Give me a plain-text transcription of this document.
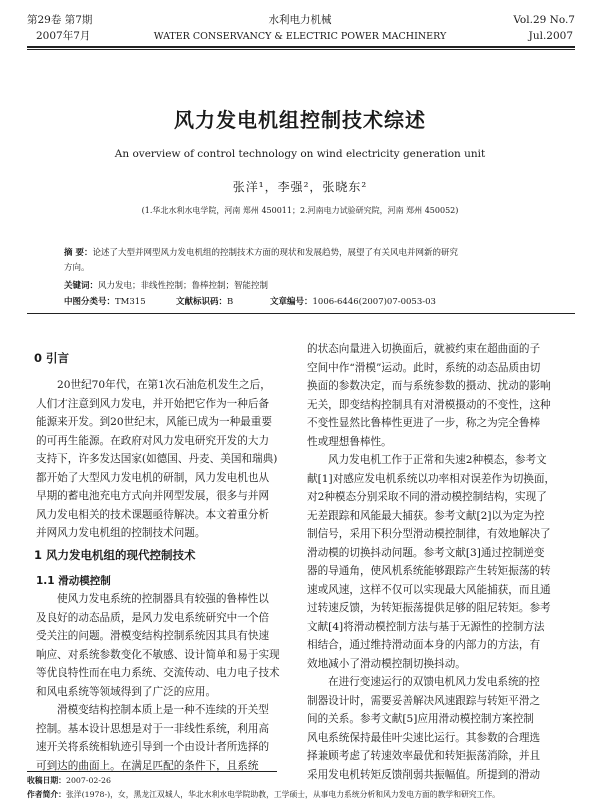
第29卷 第7期
2007年7月
水利电力机械
WATER CONSERVANCY & ELECTRIC POWER MACHINERY
Vol.29 No.7
Jul.2007
风力发电机组控制技术综述
An overview of control technology on wind electricity generation unit
张洋¹，李强²，张晓东²
(1.华北水利水电学院，河南 郑州 450011；2.河南电力试验研究院，河南 郑州 450052)
摘 要：论述了大型并网型风力发电机组的控制技术方面的现状和发展趋势，展望了有关风电并网新的研究
方向。
关键词：风力发电；非线性控制；鲁棒控制；智能控制
中图分类号：TM315	文献标识码：B	文章编号：1006-6446(2007)07-0053-03
0 引言
20世纪70年代，在第1次石油危机发生之后，
人们才注意到风力发电，并开始把它作为一种后备
能源来开发。到20世纪末，风能已成为一种最重要
的可再生能源。在政府对风力发电研究开发的大力
支持下，许多发达国家(如德国、丹麦、美国和瑞典)
都开始了大型风力发电机的研制，风力发电机也从
早期的蓄电池充电方式向并网型发展，很多与并网
风力发电相关的技术课题亟待解决。本文着重分析
并网风力发电机组的控制技术问题。
1 风力发电机组的现代控制技术
1.1 滑动模控制
使风力发电系统的控制器具有较强的鲁棒性以
及良好的动态品质，是风力发电系统研究中一个倍
受关注的问题。滑模变结构控制系统因其具有快速
响应、对系统参数变化不敏感、设计简单和易于实现
等优良特性而在电力系统、交流传动、电力电子技术
和风电系统等领域得到了广泛的应用。
滑模变结构控制本质上是一种不连续的开关型
控制。基本设计思想是对于一非线性系统，利用高
速开关将系统相轨迹引导到一个由设计者所选择的
可到达的曲面上。在满足匹配的条件下，且系统
的状态向量进入切换面后，就被约束在超曲面的子
空间中作“滑模”运动。此时，系统的动态品质由切
换面的参数决定，而与系统参数的摄动、扰动的影响
无关，即变结构控制具有对滑模摄动的不变性，这种
不变性显然比鲁棒性更进了一步，称之为完全鲁棒
性或理想鲁棒性。
风力发电机工作于正常和失速2种模态，参考文
献[1]对感应发电机系统以功率相对误差作为切换面，
对2种模态分别采取不同的滑动模控制结构，实现了
无差跟踪和风能最大捕获。参考文献[2]以为定为控
制信号，采用下积分型滑动模控制律，有效地解决了
滑动模的切换抖动问题。参考文献[3]通过控制逆变
器的导通角，使风机系统能够跟踪产生转矩振荡的转
速或风速，这样不仅可以实现最大风能捕获，而且通
过转速反馈，为转矩振荡提供足够的阻尼转矩。参考
文献[4]将滑动模控制方法与基于无源性的控制方法
相结合，通过维持滑动面本身的内部力的方法，有
效地减小了滑动模控制切换抖动。
在进行变速运行的双馈电机风力发电系统的控
制器设计时，需要妥善解决风速跟踪与转矩平滑之
间的关系。参考文献[5]应用滑动模控制方案控制
风电系统保持最佳叶尖速比运行。其参数的合理选
择兼顾考虑了转速效率最优和转矩振荡消除，并且
采用发电机转矩反馈削弱共振幅值。所提到的滑动
收稿日期：2007-02-26
作者简介：张洋(1978-)，女，黑龙江双城人，华北水利水电学院助教，工学硕士，从事电力系统分析和风力发电方面的教学和研究工作。
